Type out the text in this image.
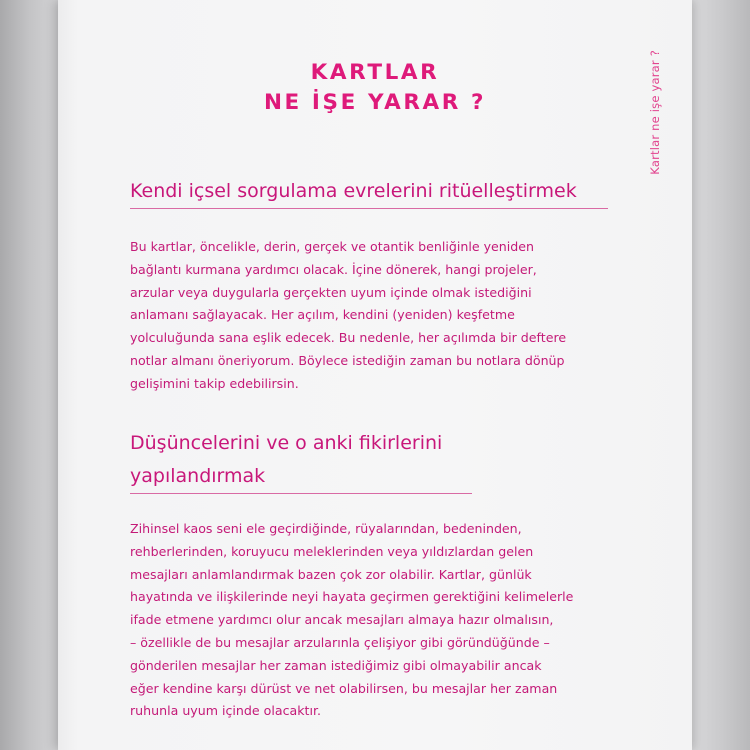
Kartlar ne işe yarar ?
KARTLAR
NE İŞE YARAR ?
Kendi içsel sorgulama evrelerini ritüelleştirmek
Bu kartlar, öncelikle, derin, gerçek ve otantik benliğinle yeniden
bağlantı kurmana yardımcı olacak. İçine dönerek, hangi projeler,
arzular veya duygularla gerçekten uyum içinde olmak istediğini
anlamanı sağlayacak. Her açılım, kendini (yeniden) keşfetme
yolculuğunda sana eşlik edecek. Bu nedenle, her açılımda bir deftere
notlar almanı öneriyorum. Böylece istediğin zaman bu notlara dönüp
gelişimini takip edebilirsin.
Düşüncelerini ve o anki fikirlerini
yapılandırmak
Zihinsel kaos seni ele geçirdiğinde, rüyalarından, bedeninden,
rehberlerinden, koruyucu meleklerinden veya yıldızlardan gelen
mesajları anlamlandırmak bazen çok zor olabilir. Kartlar, günlük
hayatında ve ilişkilerinde neyi hayata geçirmen gerektiğini kelimelerle
ifade etmene yardımcı olur ancak mesajları almaya hazır olmalısın,
– özellikle de bu mesajlar arzularınla çelişiyor gibi göründüğünde –
gönderilen mesajlar her zaman istediğimiz gibi olmayabilir ancak
eğer kendine karşı dürüst ve net olabilirsen, bu mesajlar her zaman
ruhunla uyum içinde olacaktır.
